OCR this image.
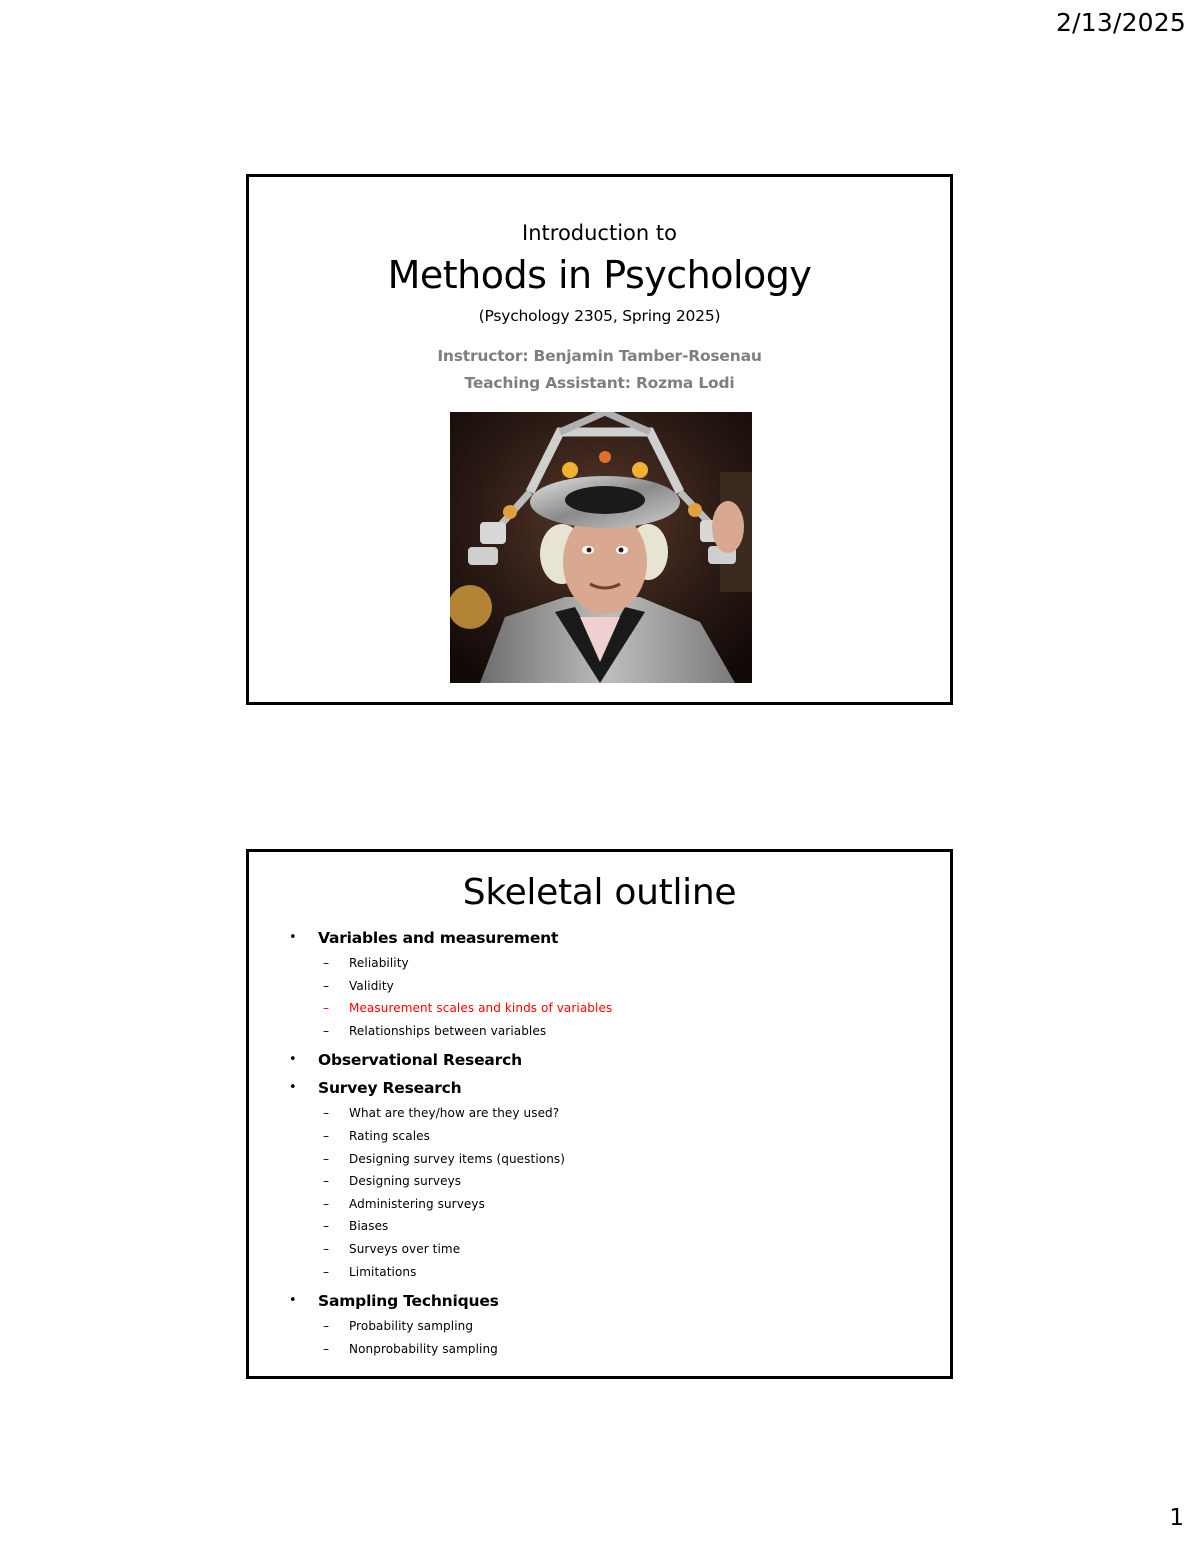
2/13/2025
Introduction to
Methods in Psychology
(Psychology 2305, Spring 2025)
Instructor: Benjamin Tamber-Rosenau
Teaching Assistant: Rozma Lodi
Skeletal outline
• Variables and measurement
– Reliability
– Validity
– Measurement scales and kinds of variables
– Relationships between variables
• Observational Research
• Survey Research
– What are they/how are they used?
– Rating scales
– Designing survey items (questions)
– Designing surveys
– Administering surveys
– Biases
– Surveys over time
– Limitations
• Sampling Techniques
– Probability sampling
– Nonprobability sampling
1
